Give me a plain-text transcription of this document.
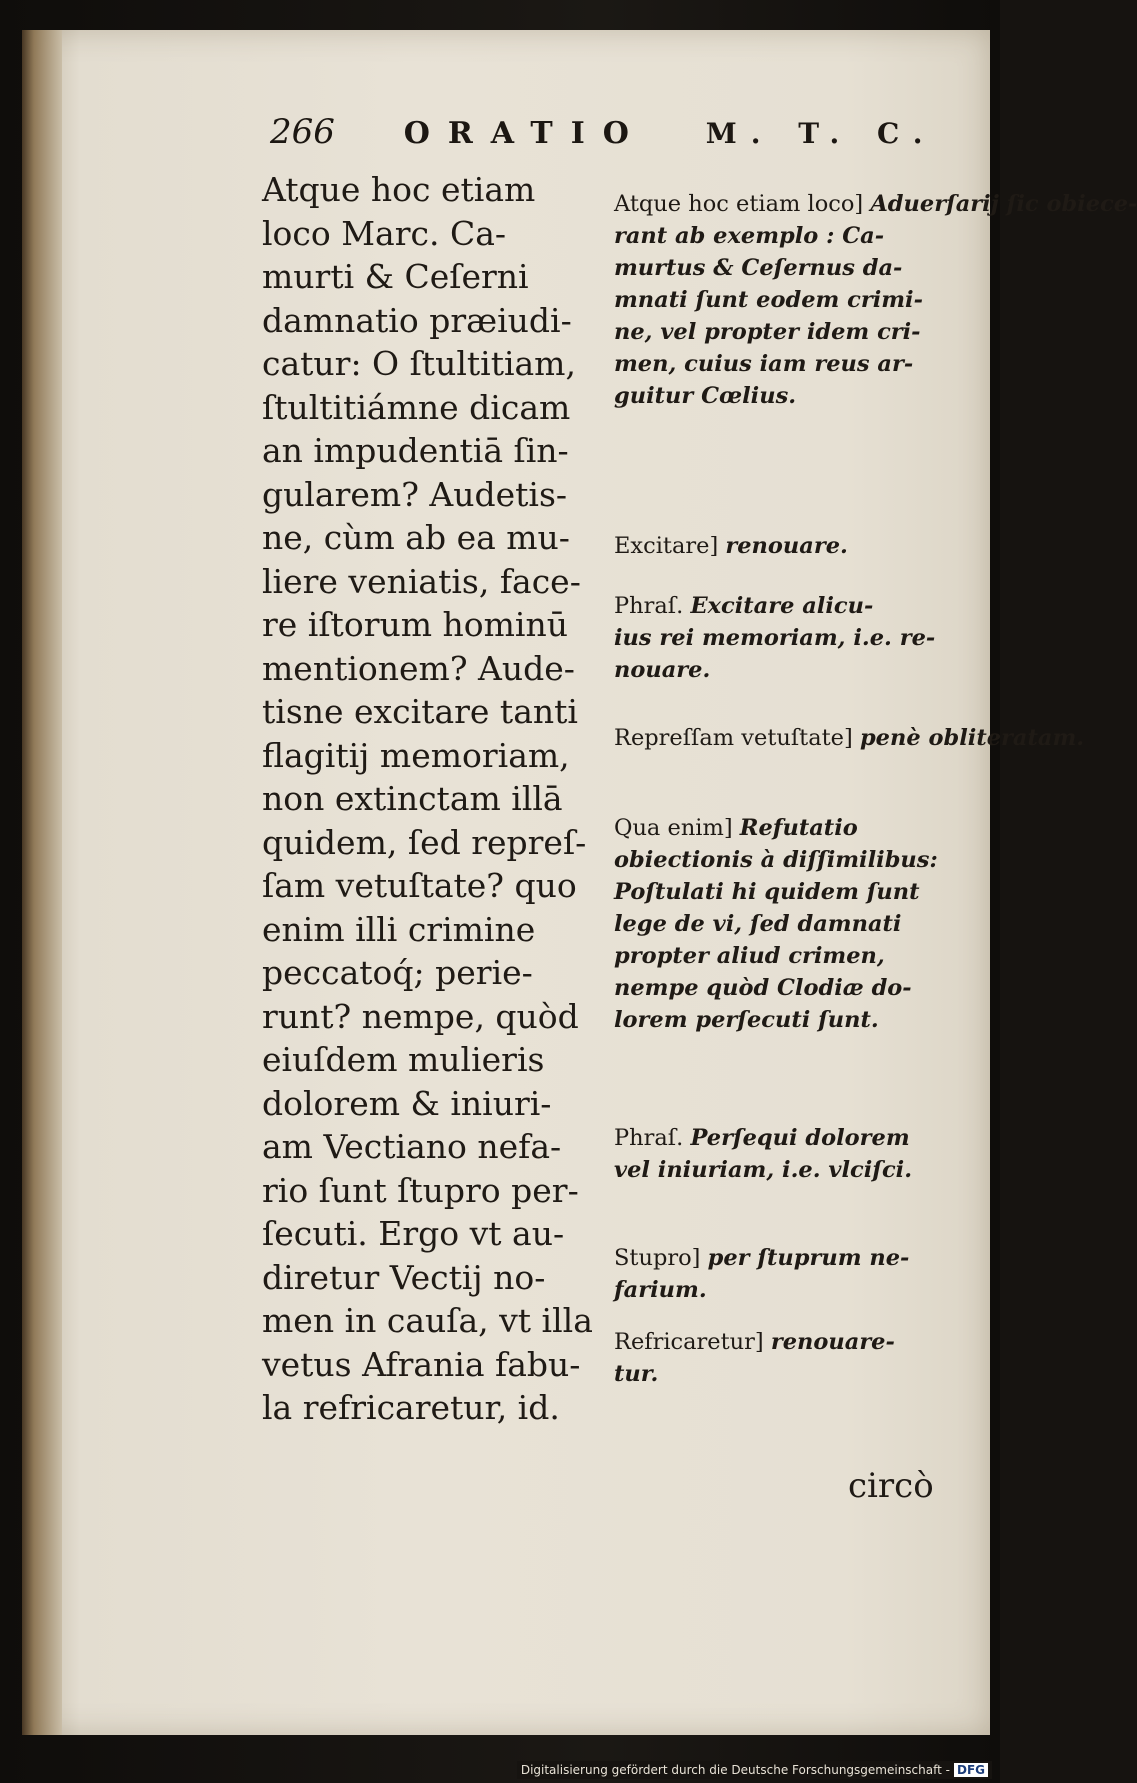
266 ORATIO M. T. C.
Atque hoc etiam
loco Marc. Ca-
murti & Ceſerni
damnatio præiudi-
catur: O ſtultitiam,
ſtultitiámne dicam
an impudentiā ſin-
gularem? Audetis-
ne, cùm ab ea mu-
liere veniatis, face-
re iſtorum hominū
mentionem? Aude-
tisne excitare tanti
flagitij memoriam,
non extinctam illā
quidem, ſed repreſ-
ſam vetuſtate? quo
enim illi crimine
peccatoq́; perie-
runt? nempe, quòd
eiuſdem mulieris
dolorem & iniuri-
am Vectiano nefa-
rio ſunt ſtupro per-
ſecuti. Ergo vt au-
diretur Vectij no-
men in cauſa, vt illa
vetus Afrania fabu-
la refricaretur, id.
Atque hoc etiam loco] Aduerſarij ſic obiece-
rant ab exemplo : Ca-
murtus & Ceſernus da-
mnati ſunt eodem crimi-
ne, vel propter idem cri-
men, cuius iam reus ar-
guitur Cœlius.
Excitare] renouare.
Phraſ. Excitare alicu-
ius rei memoriam, i.e. re-
nouare.
Repreſſam vetuſtate] penè obliteratam.
Qua enim] Refutatio
obiectionis à diſſimilibus:
Poſtulati hi quidem ſunt
lege de vi, ſed damnati
propter aliud crimen,
nempe quòd Clodiæ do-
lorem perſecuti ſunt.
Phraſ. Perſequi dolorem
vel iniuriam, i.e. vlciſci.
Stupro] per ſtuprum ne-
farium.
Refricaretur] renouare-
tur.
circò
Digitalisierung gefördert durch die Deutsche Forschungsgemeinschaft - DFG
